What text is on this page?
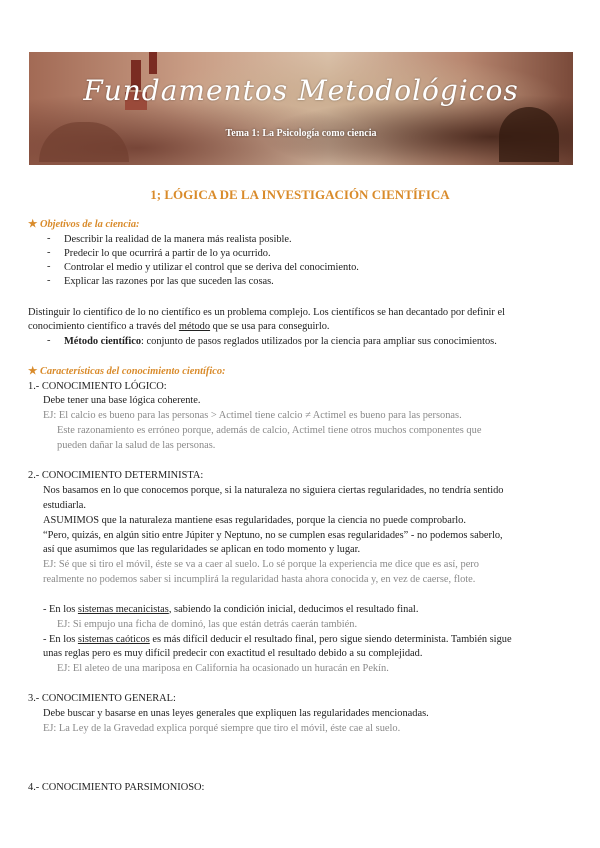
Fundamentos Metodológicos
Tema 1: La Psicología como ciencia
1; LÓGICA DE LA INVESTIGACIÓN CIENTÍFICA
★ Objetivos de la ciencia:
- Describir la realidad de la manera más realista posible.
- Predecir lo que ocurrirá a partir de lo ya ocurrido.
- Controlar el medio y utilizar el control que se deriva del conocimiento.
- Explicar las razones por las que suceden las cosas.
Distinguir lo científico de lo no científico es un problema complejo. Los científicos se han decantado por definir el
conocimiento científico a través del método que se usa para conseguirlo.
- Método científico: conjunto de pasos reglados utilizados por la ciencia para ampliar sus conocimientos.
★ Características del conocimiento científico:
1.- CONOCIMIENTO LÓGICO:
Debe tener una base lógica coherente.
EJ: El calcio es bueno para las personas > Actimel tiene calcio ≠ Actimel es bueno para las personas.
Este razonamiento es erróneo porque, además de calcio, Actimel tiene otros muchos componentes que
pueden dañar la salud de las personas.
2.- CONOCIMIENTO DETERMINISTA:
Nos basamos en lo que conocemos porque, si la naturaleza no siguiera ciertas regularidades, no tendría sentido
estudiarla.
ASUMIMOS que la naturaleza mantiene esas regularidades, porque la ciencia no puede comprobarlo.
“Pero, quizás, en algún sitio entre Júpiter y Neptuno, no se cumplen esas regularidades” - no podemos saberlo,
así que asumimos que las regularidades se aplican en todo momento y lugar.
EJ: Sé que si tiro el móvil, éste se va a caer al suelo. Lo sé porque la experiencia me dice que es así, pero
realmente no podemos saber si incumplirá la regularidad hasta ahora conocida y, en vez de caerse, flote.
- En los sistemas mecanicistas, sabiendo la condición inicial, deducimos el resultado final.
EJ: Si empujo una ficha de dominó, las que están detrás caerán también.
- En los sistemas caóticos es más difícil deducir el resultado final, pero sigue siendo determinista. También sigue
unas reglas pero es muy difícil predecir con exactitud el resultado debido a su complejidad.
EJ: El aleteo de una mariposa en California ha ocasionado un huracán en Pekín.
3.- CONOCIMIENTO GENERAL:
Debe buscar y basarse en unas leyes generales que expliquen las regularidades mencionadas.
EJ: La Ley de la Gravedad explica porqué siempre que tiro el móvil, éste cae al suelo.
4.- CONOCIMIENTO PARSIMONIOSO:
